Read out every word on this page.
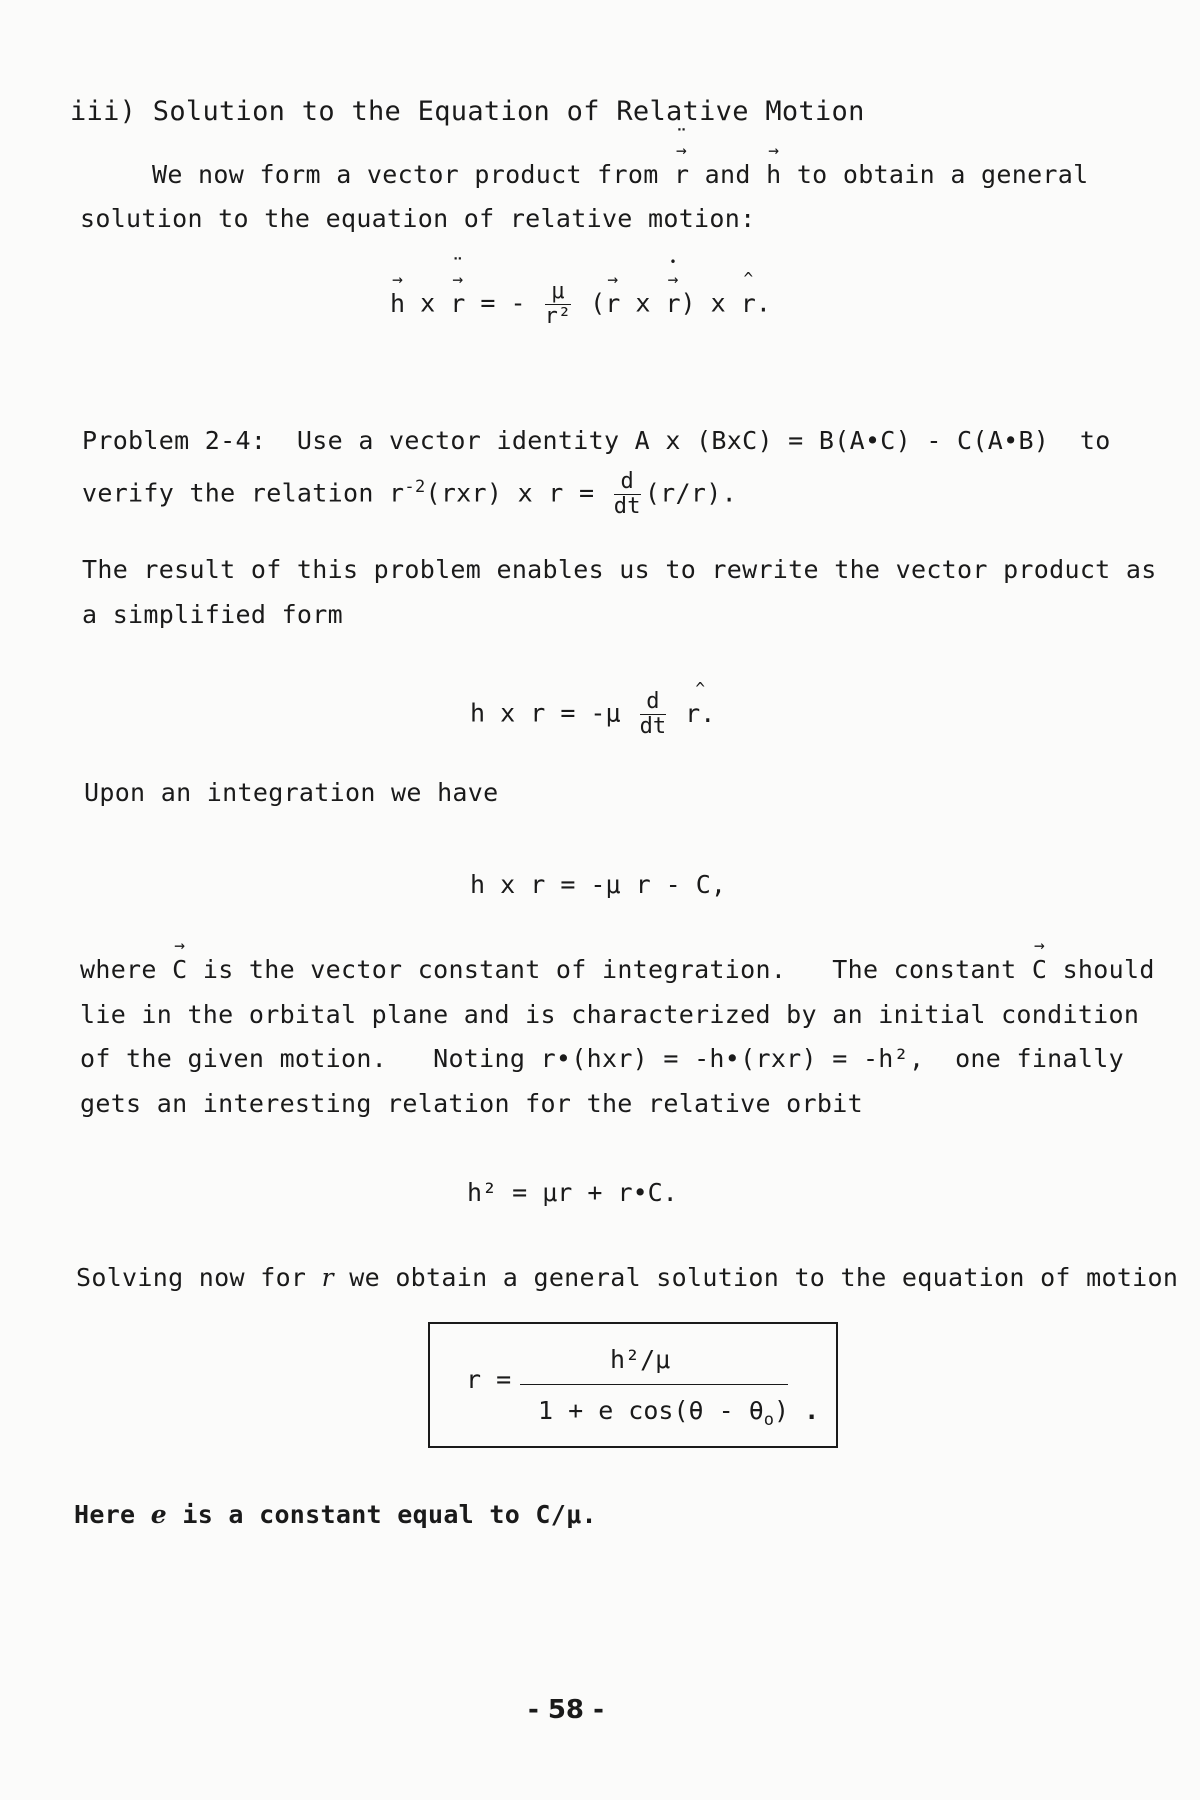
iii) Solution to the Equation of Relative Motion
We now form a vector product from → r ¨ and → h to obtain a general
solution to the equation of relative motion:
→ h x → r ¨ = - $\frac{\mu}{\text{r²}}$ (→ r x → r •) x ^ r.
Problem 2-4: Use a vector identity A x (BxC) = B(A•C) - C(A•B) to
verify the relation $r^{-2}(rxr)$ x $r = \frac{d}{dt} (r/r)$.
The result of this problem enables us to rewrite the vector product as
a simplified form
h x $r = -\mu \frac{d}{dt}$ ^ r.
Upon an integration we have
h x r = -μ r - C,
where → C is the vector constant of integration. The constant → C should
lie in the orbital plane and is characterized by an initial condition
of the given motion. Noting r•(hxr) = -h•(rxr) = -h², one finally
gets an interesting relation for the relative orbit
h² = μr + r•C.
Solving now for r we obtain a general solution to the equation of motion
r =
h²/μ
1 + e $\cos(\theta - \theta_o)$ .
Here e is a constant equal to C/μ.
- 58 -
